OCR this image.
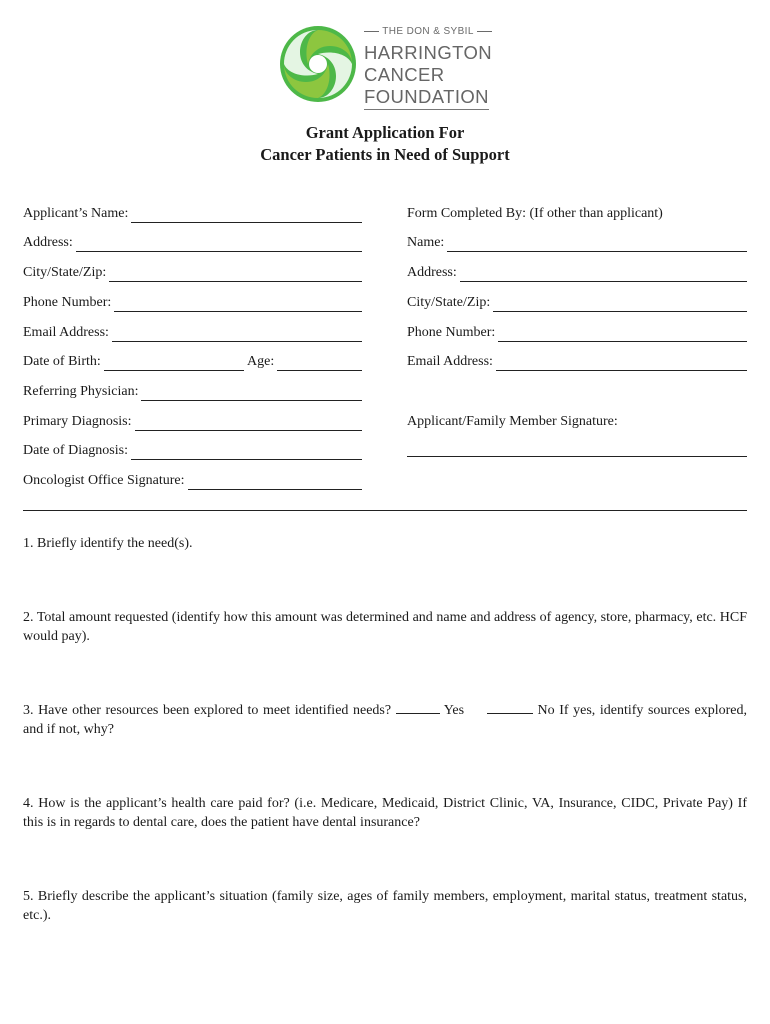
THE DON & SYBIL
HARRINGTON
CANCER
FOUNDATION
Grant Application For
Cancer Patients in Need of Support
Applicant’s Name:
Address:
City/State/Zip:
Phone Number:
Email Address:
Date of Birth:	Age:
Referring Physician:
Primary Diagnosis:
Date of Diagnosis:
Oncologist Office Signature:
Form Completed By: (If other than applicant)
Name:
Address:
City/State/Zip:
Phone Number:
Email Address:
Applicant/Family Member Signature:
1. Briefly identify the need(s).
2. Total amount requested (identify how this amount was determined and name and address of agency, store, pharmacy, etc. HCF would pay).
3. Have other resources been explored to meet identified needs?	Yes	No If yes, identify sources explored, and if not, why?
4. How is the applicant’s health care paid for? (i.e. Medicare, Medicaid, District Clinic, VA, Insurance, CIDC, Private Pay) If this is in regards to dental care, does the patient have dental insurance?
5. Briefly describe the applicant’s situation (family size, ages of family members, employment, marital status, treatment status, etc.).
